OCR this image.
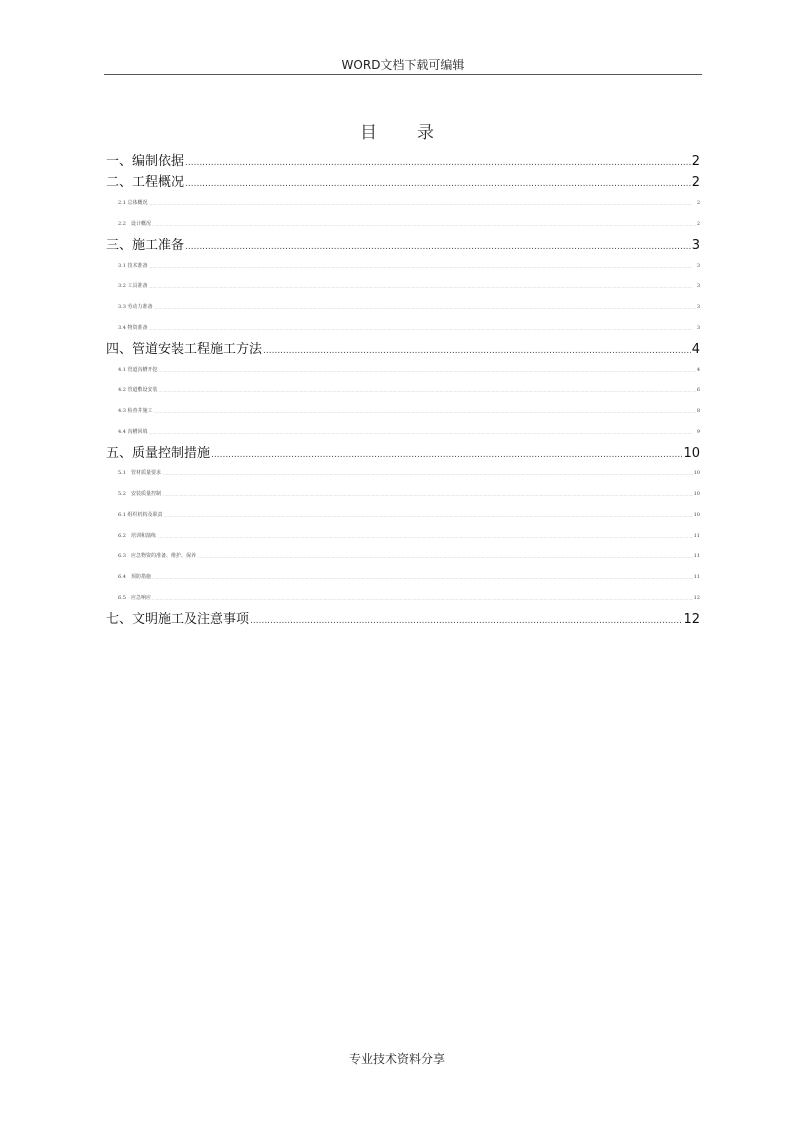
WORD文档下载可编辑
目 录
一、编制依据 .....	2
二、工程概况 .....	2
2.1 总体概况 .....	2
2.2　设计概况 .....	2
三、施工准备 .....	3
3.1 技术准备 .....	3
3.2 工具准备 .....	3
3.3 劳动力准备 .....	3
3.4 物资准备 .....	3
四、管道安装工程施工方法 .....	4
4.1 管道沟槽开挖 .....	4
4.2 管道敷设安装 .....	6
4.3 检查井施工 .....	8
4.4 沟槽回填 .....	9
五、质量控制措施 .....	10
5.1　管材质量要求 .....	10
5.2　安装质量控制 .....	10
6.1 组织机构及职责 .....	10
6.2　培训和演练 .....	11
6.3　应急物资的准备、维护、保养 .....	11
6.4　预防措施 .....	11
6.5　应急响应 .....	12
七、文明施工及注意事项 .....	12
专业技术资料分享
